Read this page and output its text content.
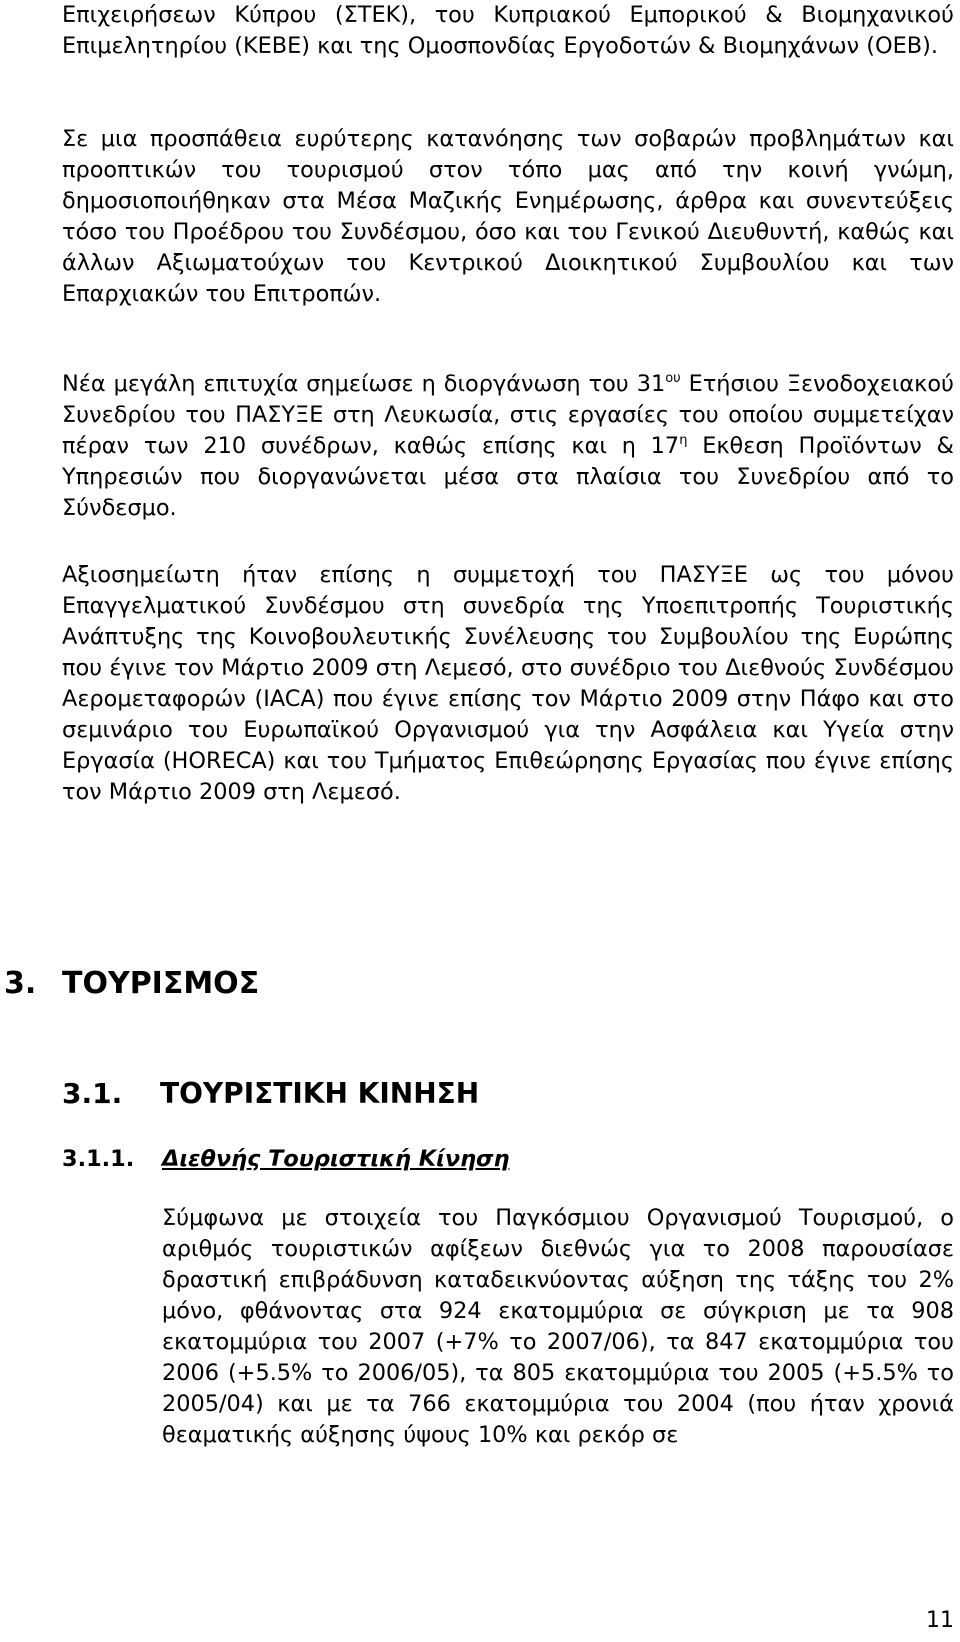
Επιχειρήσεων Κύπρου (ΣΤΕΚ), του Κυπριακού Εμπορικού & Βιομηχανικού Επιμελητηρίου (ΚΕΒΕ) και της Ομοσπονδίας Εργοδοτών & Βιομηχάνων (ΟΕΒ).

Σε μια προσπάθεια ευρύτερης κατανόησης των σοβαρών προβλημάτων και προοπτικών του τουρισμού στον τόπο μας από την κοινή γνώμη, δημοσιοποιήθηκαν στα Μέσα Μαζικής Ενημέρωσης, άρθρα και συνεντεύξεις τόσο του Προέδρου του Συνδέσμου, όσο και του Γενικού Διευθυντή, καθώς και άλλων Αξιωματούχων του Κεντρικού Διοικητικού Συμβουλίου και των Επαρχιακών του Επιτροπών.

Νέα μεγάλη επιτυχία σημείωσε η διοργάνωση του $31^{o\upsilon}$ Ετήσιου Ξενοδοχειακού Συνεδρίου του ΠΑΣΥΞΕ στη Λευκωσία, στις εργασίες του οποίου συμμετείχαν πέραν των 210 συνέδρων, καθώς επίσης και η $17^\eta$ Εκθεση Προϊόντων & Υπηρεσιών που διοργανώνεται μέσα στα πλαίσια του Συνεδρίου από το Σύνδεσμο.

Αξιοσημείωτη ήταν επίσης η συμμετοχή του ΠΑΣΥΞΕ ως του μόνου Επαγγελματικού Συνδέσμου στη συνεδρία της Υποεπιτροπής Τουριστικής Ανάπτυξης της Κοινοβουλευτικής Συνέλευσης του Συμβουλίου της Ευρώπης που έγινε τον Μάρτιο 2009 στη Λεμεσό, στο συνέδριο του Διεθνούς Συνδέσμου Αερομεταφορών (IACA) που έγινε επίσης τον Μάρτιο 2009 στην Πάφο και στο σεμινάριο του Ευρωπαϊκού Οργανισμού για την Ασφάλεια και Υγεία στην Εργασία (HORECA) και του Τμήματος Επιθεώρησης Εργασίας που έγινε επίσης τον Μάρτιο 2009 στη Λεμεσό.

3. ΤΟΥΡΙΣΜΟΣ
3.1. ΤΟΥΡΙΣΤΙΚΗ ΚΙΝΗΣΗ
3.1.1. Διεθνής Τουριστική Κίνηση

Σύμφωνα με στοιχεία του Παγκόσμιου Οργανισμού Τουρισμού, ο αριθμός τουριστικών αφίξεων διεθνώς για το 2008 παρουσίασε δραστική επιβράδυνση καταδεικνύοντας αύξηση της τάξης του 2% μόνο, φθάνοντας στα 924 εκατομμύρια σε σύγκριση με τα 908 εκατομμύρια του 2007 (+7% το 2007/06), τα 847 εκατομμύρια του 2006 (+5.5% το 2006/05), τα 805 εκατομμύρια του 2005 (+5.5% το 2005/04) και με τα 766 εκατομμύρια του 2004 (που ήταν χρονιά θεαματικής αύξησης ύψους 10% και ρεκόρ σε

11
